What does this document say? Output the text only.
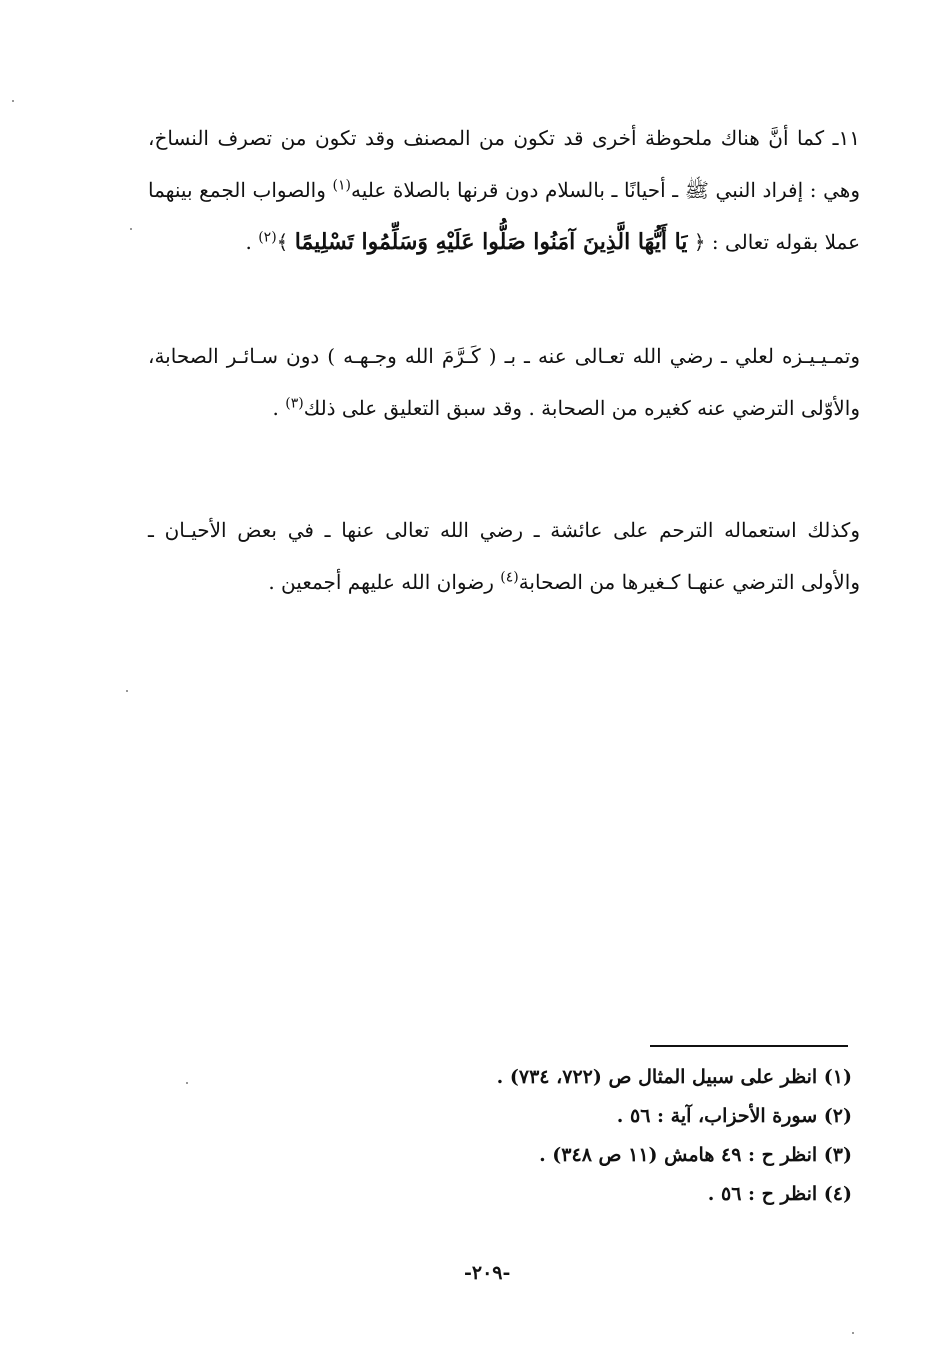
١١ـ كما أنَّ هناك ملحوظة أخرى قد تكون من المصنف وقد تكون من تصرف النساخ، وهي : إفراد النبي ﷺ ـ أحيانًا ـ بالسلام دون قرنها بالصلاة عليه$^{(١)}$ والصواب الجمع بينهما عملا بقوله تعالى : ﴿ يَا أَيُّهَا الَّذِينَ آمَنُوا صَلُّوا عَلَيْهِ وَسَلِّمُوا تَسْلِيمًا ﴾$^{(٢)}$ .

وتمـيـيـزه لعلي ـ رضي الله تعـالى عنه ـ بـ ( كَـرَّمَ الله وجـهـه ) دون سـائـر الصحابة، والأوّلى الترضي عنه كغيره من الصحابة . وقد سبق التعليق على ذلك$^{(٣)}$ .

وكذلك استعماله الترحم على عائشة ـ رضي الله تعالى عنها ـ في بعض الأحيـان ـ والأولى الترضي عنهـا كـغيرها من الصحابة$^{(٤)}$ رضوان الله عليهم أجمعين .

(١) انظر على سبيل المثال ص (٧٢٢، ٧٣٤) .
(٢) سورة الأحزاب، آية : ٥٦ .
(٣) انظر ح : ٤٩ هامش (١١ ص ٣٤٨) .
(٤) انظر ح : ٥٦ .
-٢٠٩-
